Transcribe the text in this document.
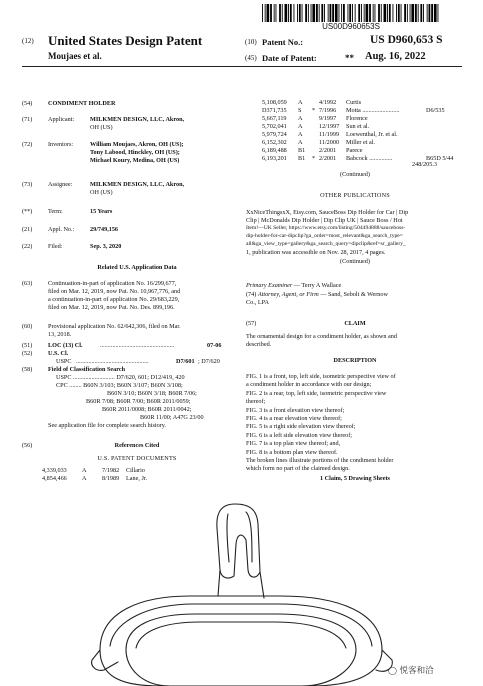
US00D960653S
(12) United States Design Patent
Moujaes et al.
(10) Patent No.:	US D960,653 S
(45) Date of Patent:	** Aug. 16, 2022
(54)	CONDIMENT HOLDER
(71)	Applicant:	MILKMEN DESIGN, LLC, Akron,
OH (US)
(72)	Inventors:	William Moujaes, Akron, OH (US);
Tony Labood, Hinckley, OH (US);
Michael Koury, Medina, OH (US)
(73)	Assignee:	MILKMEN DESIGN, LLC, Akron,
OH (US)
(**)	Term:	15 Years
(21)	Appl. No.:	29/749,156
(22)	Filed:	Sep. 3, 2020
Related U.S. Application Data
(63)	Continuation-in-part of application No. 16/299,677,
filed on Mar. 12, 2019, now Pat. No. 10,967,776, and
a continuation-in-part of application No. 29/683,229,
filed on Mar. 12, 2019, now Pat. No. Des. 899,196.
(60)	Provisional application No. 62/642,306, filed on Mar.
13, 2018.
(51)	LOC (13) Cl.	................................................	07-06
(52)	U.S. Cl.
USPC ...............................................	D7/601 ; D7/620
(58)	Field of Classification Search
USPC ........................... D7/620, 601; D12/419, 420
CPC ........ B60N 3/103; B60N 3/107; B60N 3/108;
B60N 3/10; B60N 3/18; B60R 7/06;
B60R 7/08; B60R 7/00; B60R 2011/0059;
B60R 2011/0008; B60R 2011/0042;
B60R 11/00; A47G 23/00
See application file for complete search history.
(56)	References Cited
U.S. PATENT DOCUMENTS
4,339,033 A	7/1982 Cillario
4,854,466 A	8/1989 Lane, Jr.
5,108,059 A	4/1992 Curtis
D371,735 S * 7/1996 Motta ........................	D6/535
5,667,119 A	9/1997 Florence
5,702,041 A	12/1997 Sun et al.
5,979,724 A	11/1999 Loewenthal, Jr. et al.
6,152,302 A	11/2000 Miller et al.
6,189,488 B1 2/2001 Parece
6,193,201 B1 * 2/2001 Babcock ...............	B65D 5/44
248/205.3
(Continued)
OTHER PUBLICATIONS
XxNiceThingsxX, Etsy.com, SauceBoss Dip Holder for Car | Dip
Clip | McDonalds Dip Holder | Dip Clip UK | Sauce Boss / Hot
Item!—UK Seller, https://www.etsy.com/listing/504494888/sauceboss-
dip-holder-for-car-dipclip?ga_order=most_relevant&ga_search_type=
all&ga_view_type=gallery&ga_search_query=dipclip&ref=sr_gallery_
1, publication was accessible on Nov. 28, 2017, 4 pages.
(Continued)
Primary Examiner — Terry A Wallace
(74) Attorney, Agent, or Firm — Sand, Sebolt & Wernow
Co., LPA
(57)	CLAIM
The ornamental design for a condiment holder, as shown and
described.
DESCRIPTION
FIG. 1 is a front, top, left side, isometric perspective view of
a condiment holder in accordance with our design;
FIG. 2 is a rear, top, left side, isometric perspective view
thereof;
FIG. 3 is a front elevation view thereof;
FIG. 4 is a rear elevation view thereof;
FIG. 5 is a right side elevation view thereof;
FIG. 6 is a left side elevation view thereof;
FIG. 7 is a top plan view thereof; and,
FIG. 8 is a bottom plan view thereof.
The broken lines illustrate portions of the condiment holder
which form no part of the claimed design.
1 Claim, 5 Drawing Sheets
◯ 悦客和洽
